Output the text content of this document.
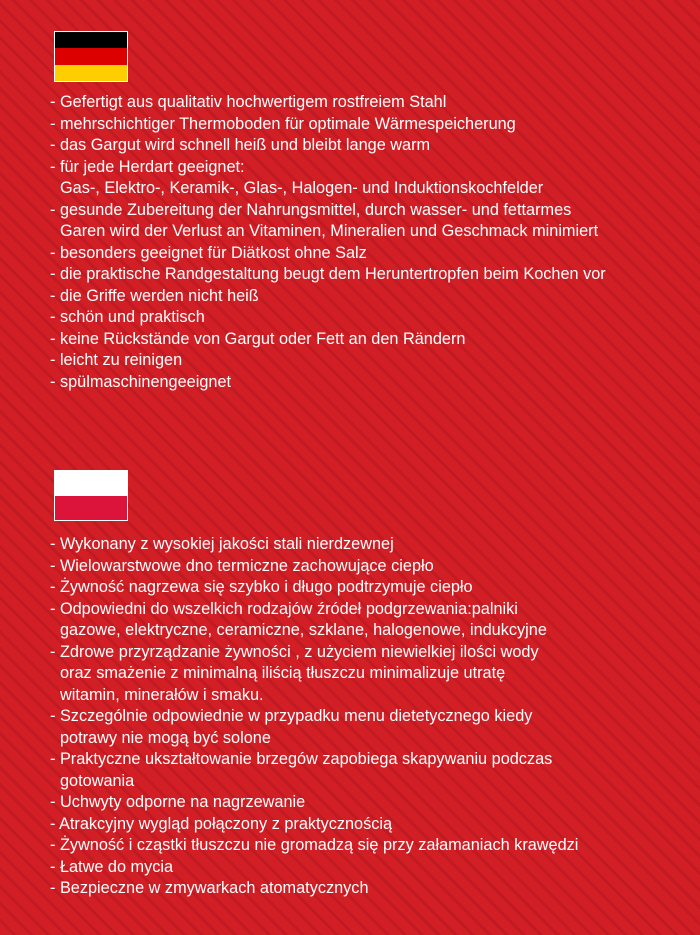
- Gefertigt aus qualitativ hochwertigem rostfreiem Stahl
- mehrschichtiger Thermoboden für optimale Wärmespeicherung
- das Gargut wird schnell heiß und bleibt lange warm
- für jede Herdart geeignet:
Gas-, Elektro-, Keramik-, Glas-, Halogen- und Induktionskochfelder
- gesunde Zubereitung der Nahrungsmittel, durch wasser- und fettarmes
Garen wird der Verlust an Vitaminen, Mineralien und Geschmack minimiert
- besonders geeignet für Diätkost ohne Salz
- die praktische Randgestaltung beugt dem Heruntertropfen beim Kochen vor
- die Griffe werden nicht heiß
- schön und praktisch
- keine Rückstände von Gargut oder Fett an den Rändern
- leicht zu reinigen
- spülmaschinengeeignet
- Wykonany z wysokiej jakości stali nierdzewnej
- Wielowarstwowe dno termiczne zachowujące ciepło
- Żywność nagrzewa się szybko i długo podtrzymuje ciepło
- Odpowiedni do wszelkich rodzajów źródeł podgrzewania:palniki
gazowe, elektryczne, ceramiczne, szklane, halogenowe, indukcyjne
- Zdrowe przyrządzanie żywności , z użyciem niewielkiej ilości wody
oraz smażenie z minimalną iliścią tłuszczu minimalizuje utratę
witamin, minerałów i smaku.
- Szczególnie odpowiednie w przypadku menu dietetycznego kiedy
potrawy nie mogą być solone
- Praktyczne ukształtowanie brzegów zapobiega skapywaniu podczas
gotowania
- Uchwyty odporne na nagrzewanie
- Atrakcyjny wygląd połączony z praktycznością
- Żywność i cząstki tłuszczu nie gromadzą się przy załamaniach krawędzi
- Łatwe do mycia
- Bezpieczne w zmywarkach atomatycznych
